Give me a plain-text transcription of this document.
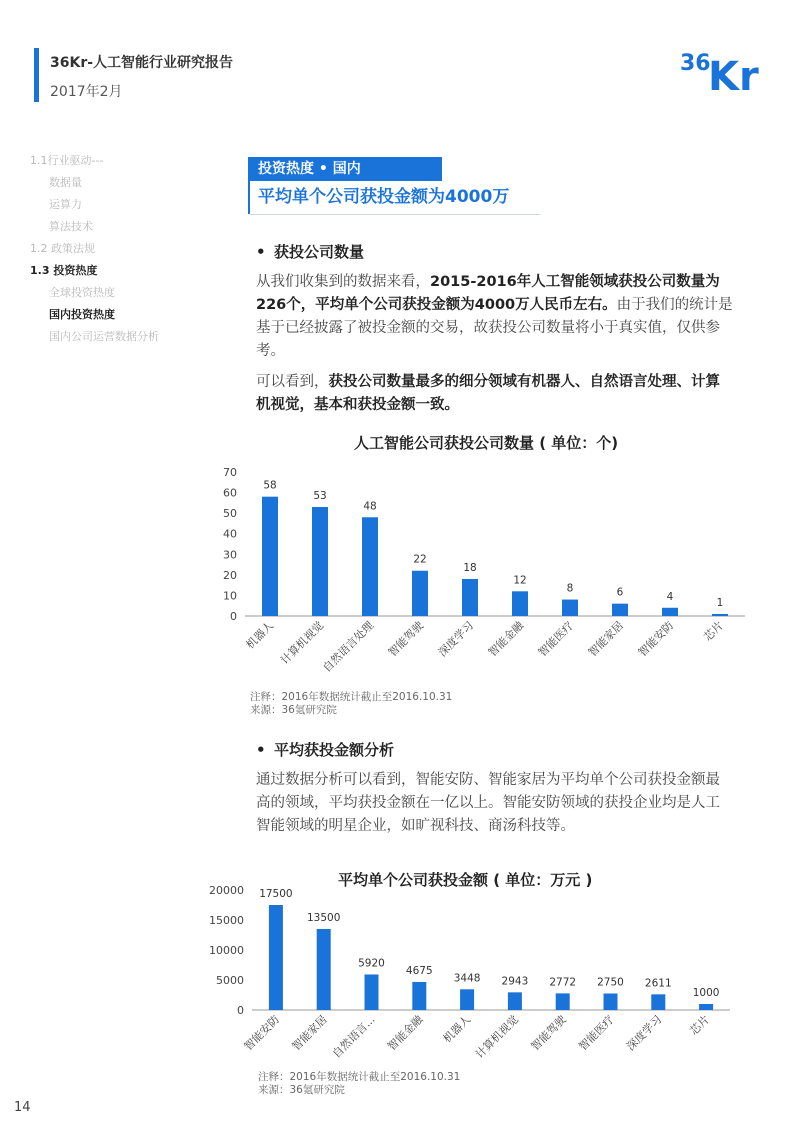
36Kr-人工智能行业研究报告
2017年2月
36
Kr
1.1行业驱动---
数据量
运算力
算法技术
1.2 政策法规
1.3 投资热度
全球投资热度
国内投资热度
国内公司运营数据分析
投资热度 • 国内
平均单个公司获投金额为4000万
• 获投公司数量
从我们收集到的数据来看，2015-2016年人工智能领域获投公司数量为226个，平均单个公司获投金额为4000万人民币左右。由于我们的统计是基于已经披露了被投金额的交易，故获投公司数量将小于真实值，仅供参考。
可以看到，获投公司数量最多的细分领域有机器人、自然语言处理、计算机视觉，基本和获投金额一致。
人工智能公司获投公司数量 ( 单位：个)
0
10
20
30
40
50
60
70
58
机器人
53
计算机视觉
48
自然语言处理
22
智能驾驶
18
深度学习
12
智能金融
8
智能医疗
6
智能家居
4
智能安防
1
芯片
注释：2016年数据统计截止至2016.10.31
来源：36氪研究院
• 平均获投金额分析
通过数据分析可以看到，智能安防、智能家居为平均单个公司获投金额最高的领域，平均获投金额在一亿以上。智能安防领域的获投企业均是人工智能领域的明星企业，如旷视科技、商汤科技等。
平均单个公司获投金额 ( 单位：万元 )
0
5000
10000
15000
20000 17500
智能安防
13500
智能家居
5920
自然语言...
4675
智能金融
3448
机器人
2943
计算机视觉
2772
智能驾驶
2750
智能医疗
2611
深度学习
1000
芯片
注释：2016年数据统计截止至2016.10.31
来源：36氪研究院
14
